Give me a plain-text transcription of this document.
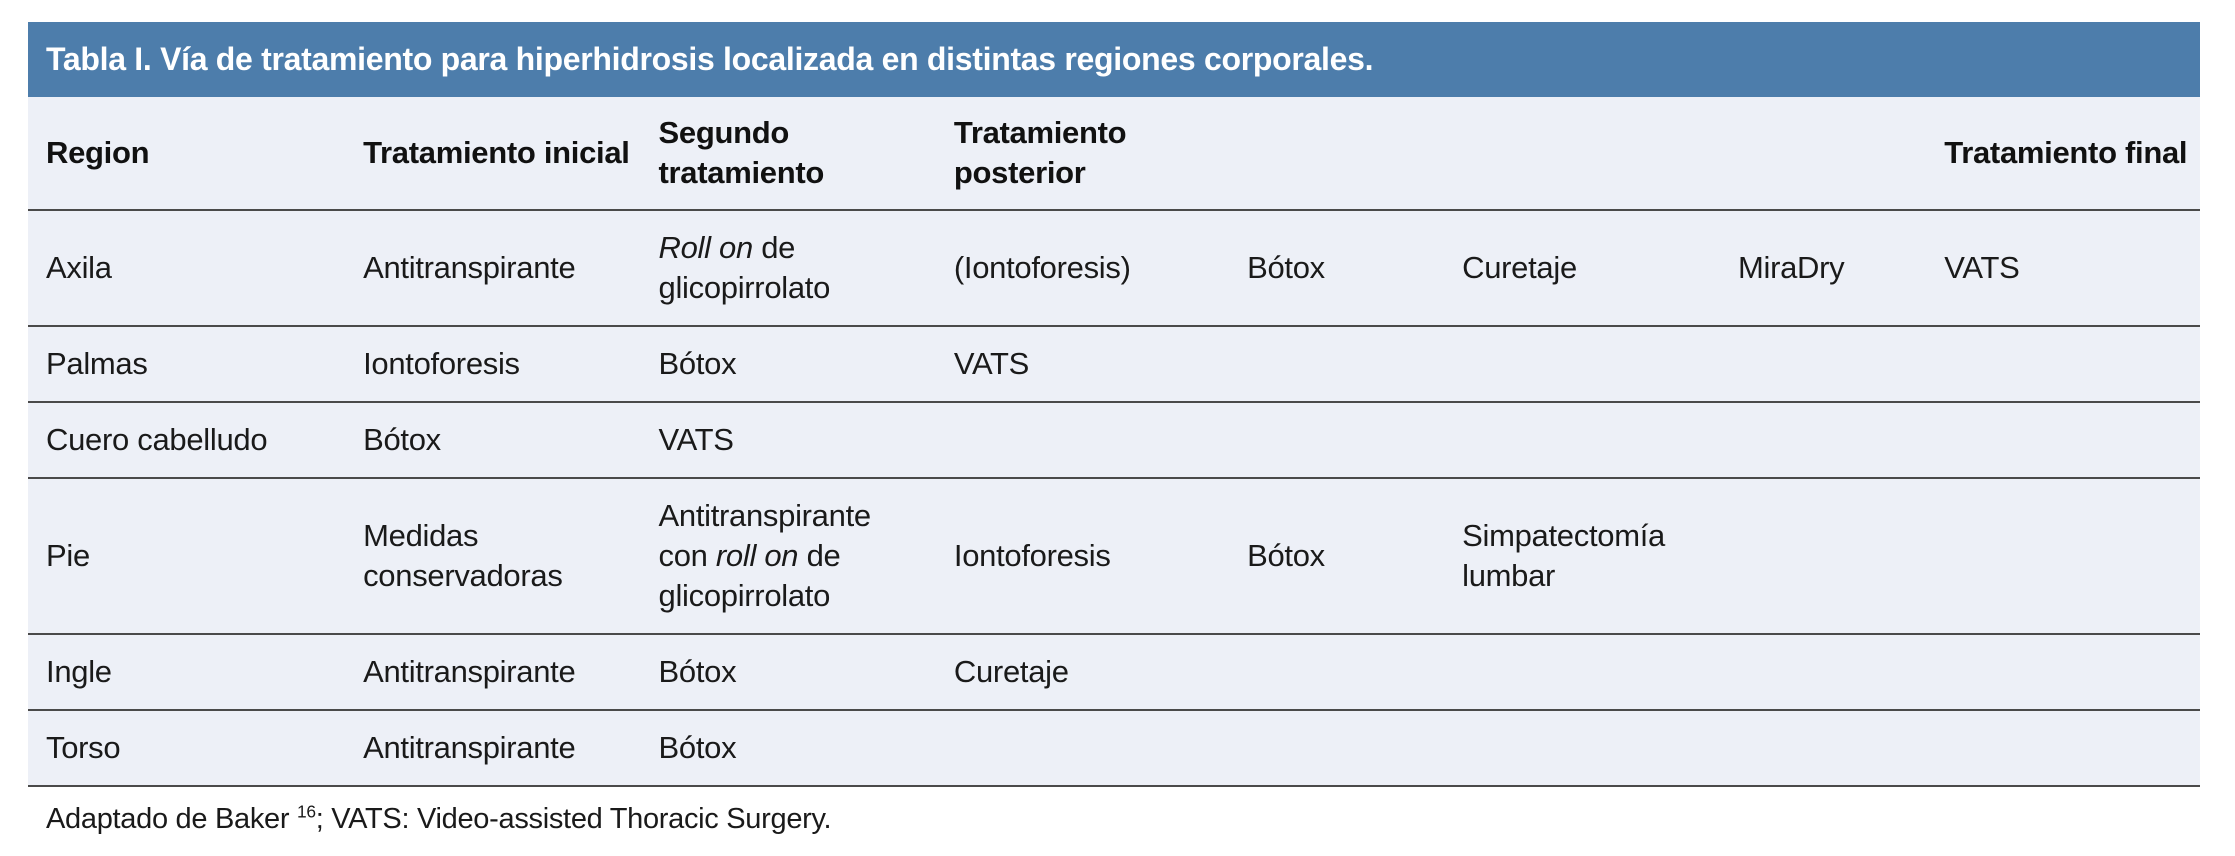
Tabla I. Vía de tratamiento para hiperhidrosis localizada en distintas regiones corporales.
Region	Tratamiento inicial	Segundo tratamiento	Tratamiento posterior				Tratamiento final
Axila	Antitranspirante	Roll on de glicopirrolato	(Iontoforesis)	Bótox	Curetaje	MiraDry	VATS
Palmas	Iontoforesis	Bótox	VATS				
Cuero cabelludo	Bótox	VATS					
Pie	Medidas conservadoras	Antitranspirante con roll on de glicopirrolato	Iontoforesis	Bótox	Simpatectomía lumbar		
Ingle	Antitranspirante	Bótox	Curetaje				
Torso	Antitranspirante	Bótox					
Adaptado de Baker $^{16}$; VATS: Video-assisted Thoracic Surgery.
